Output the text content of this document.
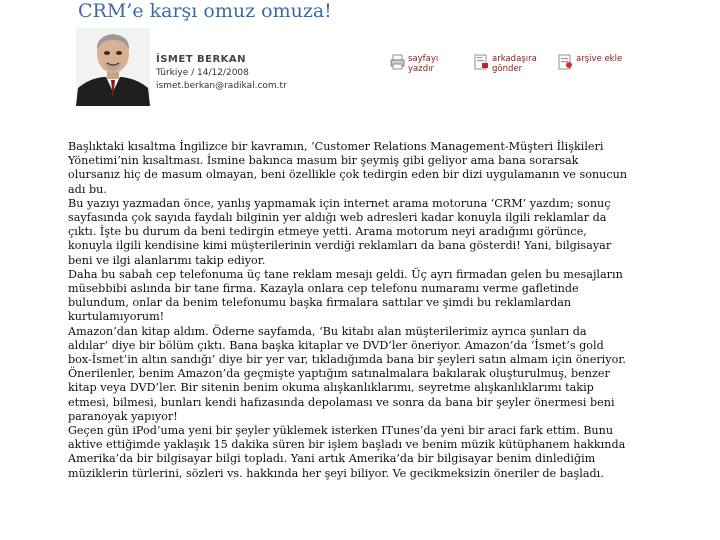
CRM’e karşı omuz omuza!
İSMET BERKAN
Türkiye / 14/12/2008
ismet.berkan@radikal.com.tr
sayfayı yazdır
arkadaşıra gönder
arşive ekle

Başlıktaki kısaltma İngilizce bir kavramın, ‘Customer Relations Management-Müşteri İlişkileri Yönetimi’nin kısaltması. İsmine bakınca masum bir şeymiş gibi geliyor ama bana sorarsak olursanız hiç de masum olmayan, beni özellikle çok tedirgin eden bir dizi uygulamanın ve sonucun adı bu.

Bu yazıyı yazmadan önce, yanlış yapmamak için internet arama motoruna ‘CRM’ yazdım; sonuç sayfasında çok sayıda faydalı bilginin yer aldığı web adresleri kadar konuyla ilgili reklamlar da çıktı. İşte bu durum da beni tedirgin etmeye yetti. Arama motorum neyi aradığımı görünce, konuyla ilgili kendisine kimi müşterilerinin verdiği reklamları da bana gösterdi! Yani, bilgisayar beni ve ilgi alanlarımı takip ediyor.

Daha bu sabah cep telefonuma üç tane reklam mesajı geldi. Üç ayrı firmadan gelen bu mesajların müsebbibi aslında bir tane firma. Kazayla onlara cep telefonu numaramı verme gafletinde bulundum, onlar da benim telefonumu başka firmalara sattılar ve şimdi bu reklamlardan kurtulamıyorum!

Amazon’dan kitap aldım. Öderne sayfamda, ‘Bu kitabı alan müşterilerimiz ayrıca şunları da aldılar’ diye bir bölüm çıktı. Bana başka kitaplar ve DVD’ler öneriyor. Amazon’da ‘İsmet’s gold box-İsmet’in altın sandığı’ diye bir yer var, tıkladığımda bana bir şeyleri satın almam için öneriyor. Önerilenler, benim Amazon’da geçmişte yaptığım satınalmalara bakılarak oluşturulmuş, benzer kitap veya DVD’ler. Bir sitenin benim okuma alışkanlıklarımı, seyretme alışkanlıklarımı takip etmesi, bilmesi, bunları kendi hafızasında depolaması ve sonra da bana bir şeyler önermesi beni paranoyak yapıyor!

Geçen gün iPod’uma yeni bir şeyler yüklemek isterken ITunes’da yeni bir araci fark ettim. Bunu aktive ettiğimde yaklaşık 15 dakika süren bir işlem başladı ve benim müzik kütüphanem hakkında Amerika’da bir bilgisayar bilgi topladı. Yani artık Amerika’da bir bilgisayar benim dinlediğim müziklerin türlerini, sözleri vs. hakkında her şeyi biliyor. Ve gecikmeksizin öneriler de başladı.
